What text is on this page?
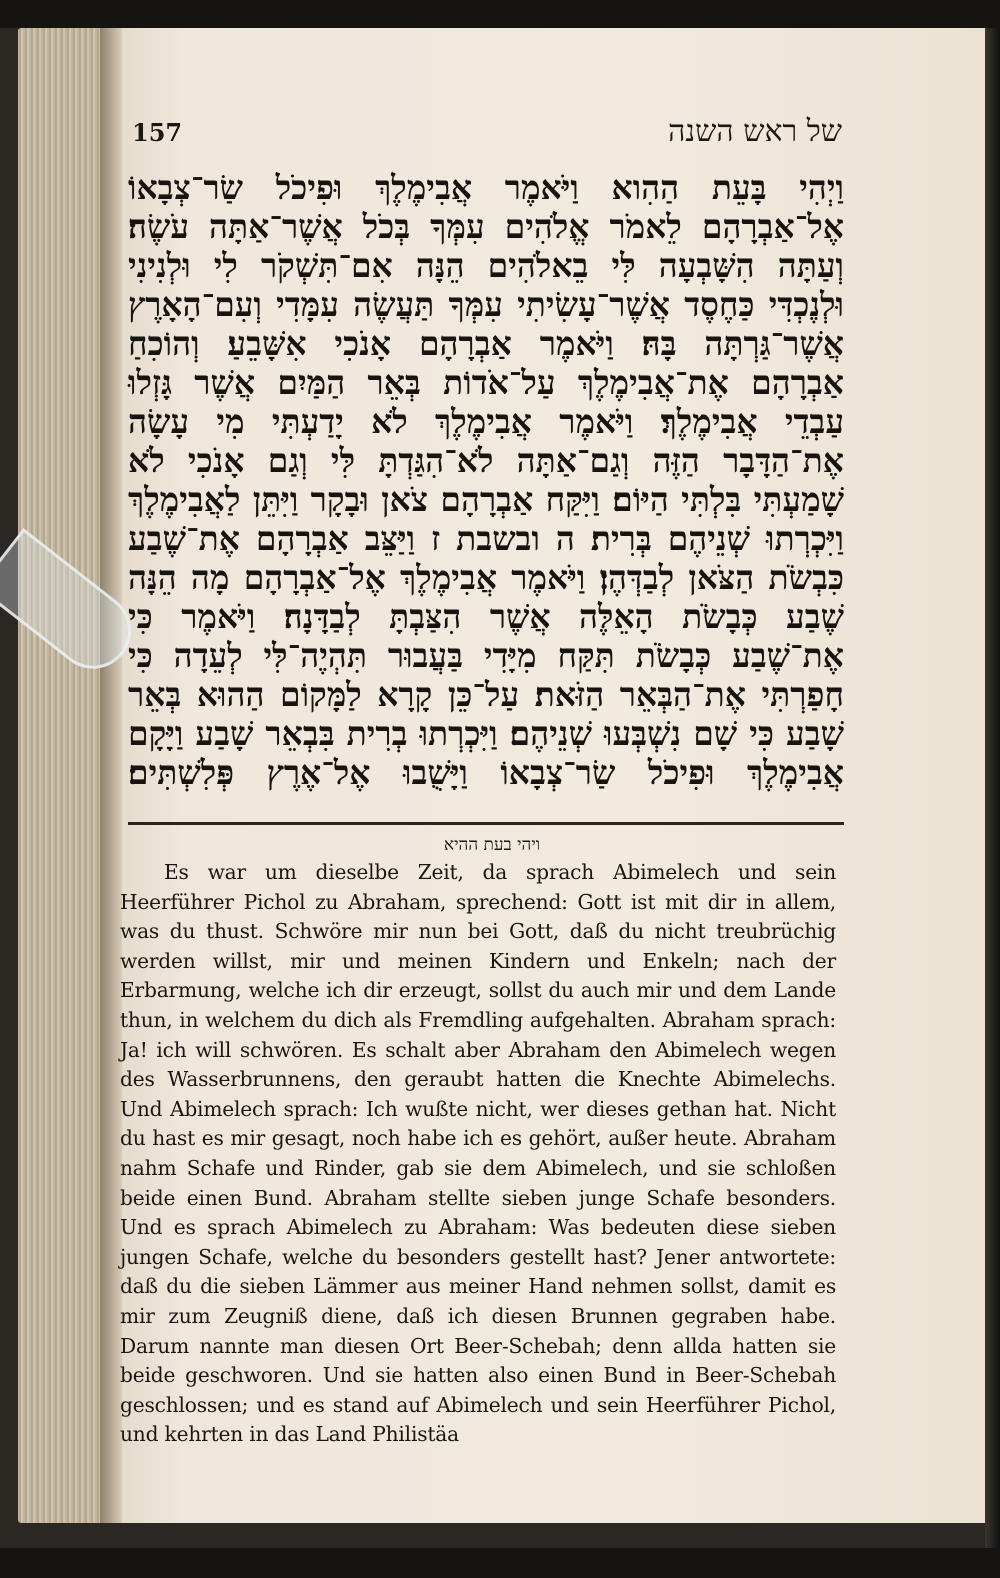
157	של ראש השנה

וַיְהִי בָּעֵת הַהִוא וַיֹּאמֶר אֲבִימֶלֶךְ וּפִיכֹל שַׂר־צְבָאוֹ אֶל־אַבְרָהָם לֵאמֹר אֱלֹהִים עִמְּךָ בְּכֹל אֲשֶׁר־אַתָּה עֹשֶׂה׃ וְעַתָּה הִשָּׁבְעָה לִּי בֵאלֹהִים הֵנָּה אִם־תִּשְׁקֹר לִי וּלְנִינִי וּלְנֶכְדִּי כַּחֶסֶד אֲשֶׁר־עָשִׂיתִי עִמְּךָ תַּעֲשֶׂה עִמָּדִי וְעִם־הָאָרֶץ אֲשֶׁר־גַּרְתָּה בָּהּ׃ וַיֹּאמֶר אַבְרָהָם אָנֹכִי אִשָּׁבֵעַ׃ וְהוֹכִחַ אַבְרָהָם אֶת־אֲבִימֶלֶךְ עַל־אֹדוֹת בְּאֵר הַמַּיִם אֲשֶׁר גָּזְלוּ עַבְדֵי אֲבִימֶלֶךְ׃ וַיֹּאמֶר אֲבִימֶלֶךְ לֹא יָדַעְתִּי מִי עָשָׂה אֶת־הַדָּבָר הַזֶּה וְגַם־אַתָּה לֹא־הִגַּדְתָּ לִּי וְגַם אָנֹכִי לֹא שָׁמַעְתִּי בִּלְתִּי הַיּוֹם׃ וַיִּקַּח אַבְרָהָם צֹאן וּבָקָר וַיִּתֵּן לַאֲבִימֶלֶךְ וַיִּכְרְתוּ שְׁנֵיהֶם בְּרִית׃ ה ובשבת ז וַיַּצֵּב אַבְרָהָם אֶת־שֶׁבַע כִּבְשֹׂת הַצֹּאן לְבַדְּהֶן׃ וַיֹּאמֶר אֲבִימֶלֶךְ אֶל־אַבְרָהָם מָה הֵנָּה שֶׁבַע כְּבָשֹׂת הָאֵלֶּה אֲשֶׁר הִצַּבְתָּ לְבַדָּנָה׃ וַיֹּאמֶר כִּי אֶת־שֶׁבַע כְּבָשֹׂת תִּקַּח מִיָּדִי בַּעֲבוּר תִּהְיֶה־לִּי לְעֵדָה כִּי חָפַרְתִּי אֶת־הַבְּאֵר הַזֹּאת׃ עַל־כֵּן קָרָא לַמָּקוֹם הַהוּא בְּאֵר שָׁבַע כִּי שָׁם נִשְׁבְּעוּ שְׁנֵיהֶם׃ וַיִּכְרְתוּ בְרִית בִּבְאֵר שָׁבַע וַיָּקָם אֲבִימֶלֶךְ וּפִיכֹל שַׂר־צְבָאוֹ וַיָּשֻׁבוּ אֶל־אֶרֶץ פְּלִשְׁתִּים׃

ויהי בעת ההיא

Es war um dieselbe Zeit, da sprach Abimelech und sein Heerführer Pichol zu Abraham, sprechend: Gott ist mit dir in allem, was du thust. Schwöre mir nun bei Gott, daß du nicht treubrüchig werden willst, mir und meinen Kindern und Enkeln; nach der Erbarmung, welche ich dir erzeugt, sollst du auch mir und dem Lande thun, in welchem du dich als Fremdling aufgehalten. Abraham sprach: Ja! ich will schwören. Es schalt aber Abraham den Abimelech wegen des Wasserbrunnens, den geraubt hatten die Knechte Abimelechs. Und Abimelech sprach: Ich wußte nicht, wer dieses gethan hat. Nicht du hast es mir gesagt, noch habe ich es gehört, außer heute. Abraham nahm Schafe und Rinder, gab sie dem Abimelech, und sie schloßen beide einen Bund. Abraham stellte sieben junge Schafe besonders. Und es sprach Abimelech zu Abraham: Was bedeuten diese sieben jungen Schafe, welche du besonders gestellt hast? Jener antwortete: daß du die sieben Lämmer aus meiner Hand nehmen sollst, damit es mir zum Zeugniß diene, daß ich diesen Brunnen gegraben habe. Darum nannte man diesen Ort Beer-Schebah; denn allda hatten sie beide geschworen. Und sie hatten also einen Bund in Beer-Schebah geschlossen; und es stand auf Abimelech und sein Heerführer Pichol, und kehrten in das Land Philistäa
